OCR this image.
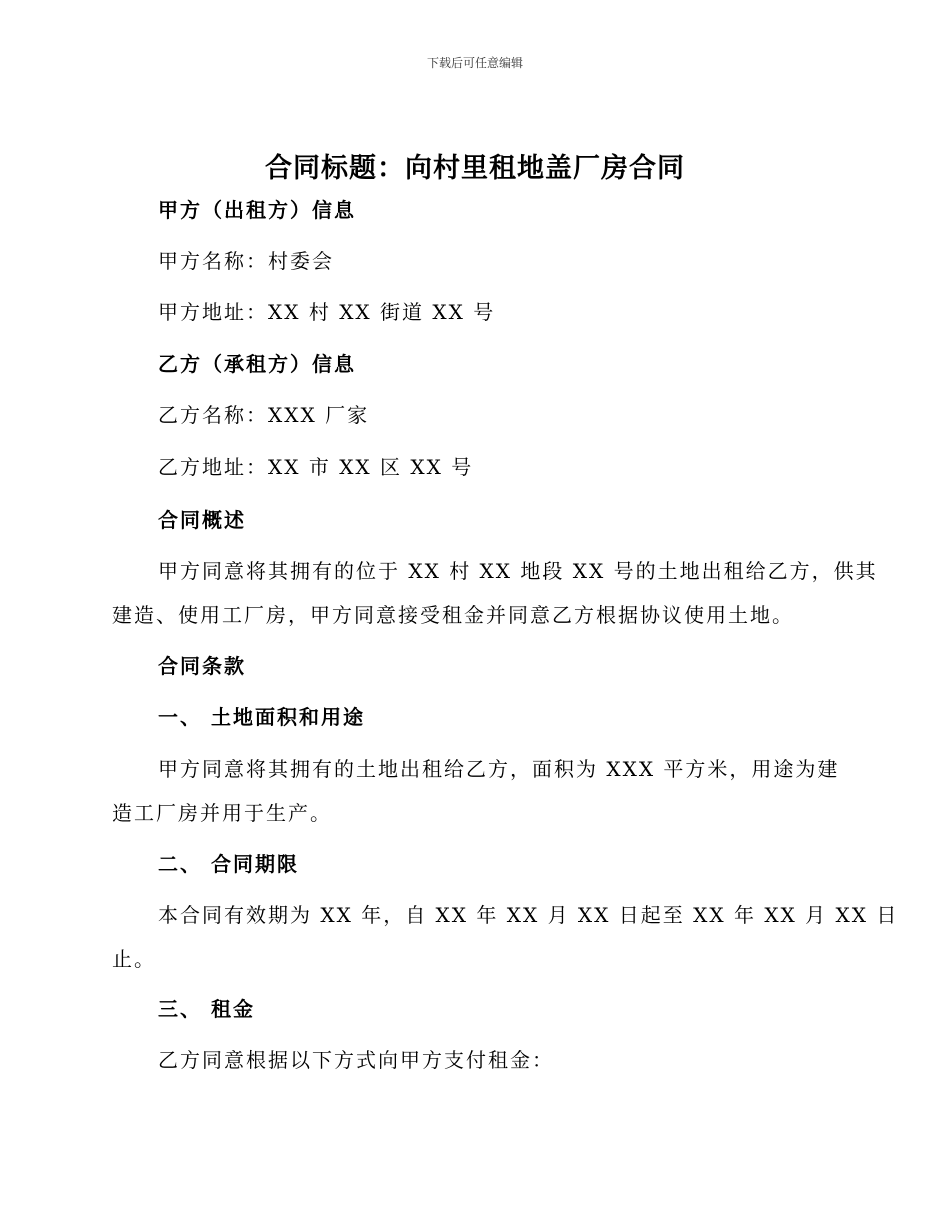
下载后可任意编辑
合同标题：向村里租地盖厂房合同
甲方（出租方）信息
甲方名称：村委会
甲方地址：XX 村 XX 街道 XX 号
乙方（承租方）信息
乙方名称：XXX 厂家
乙方地址：XX 市 XX 区 XX 号
合同概述
甲方同意将其拥有的位于 XX 村 XX 地段 XX 号的土地出租给乙方，供其
建造、使用工厂房，甲方同意接受租金并同意乙方根据协议使用土地。
合同条款
一、 土地面积和用途
甲方同意将其拥有的土地出租给乙方，面积为 XXX 平方米，用途为建
造工厂房并用于生产。
二、 合同期限
本合同有效期为 XX 年，自 XX 年 XX 月 XX 日起至 XX 年 XX 月 XX 日
止。
三、 租金
乙方同意根据以下方式向甲方支付租金：
